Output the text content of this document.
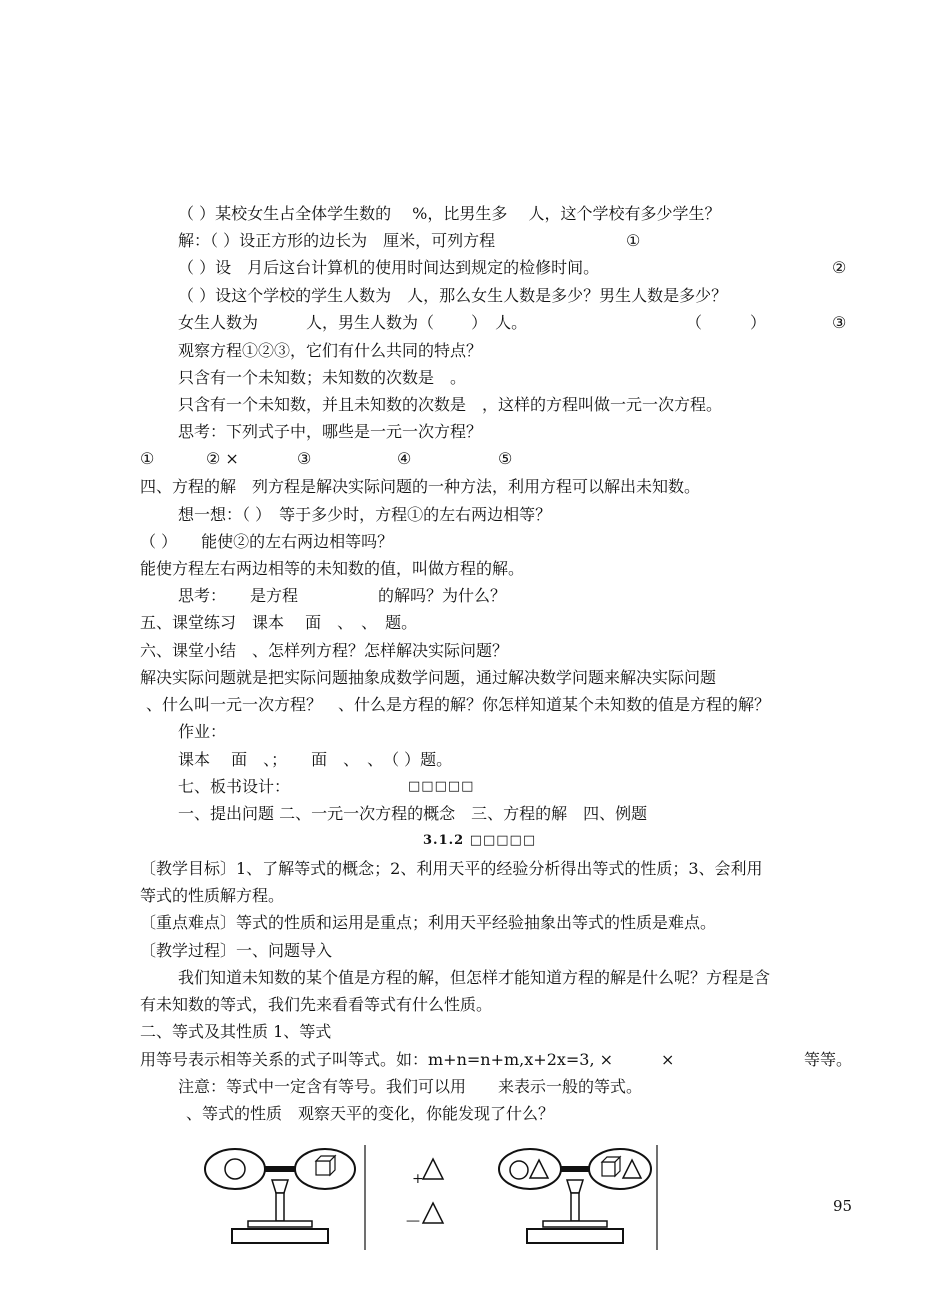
（ ）某校女生占全体学生数的　 %，比男生多　 人，这个学校有多少学生？
解：（ ）设正方形的边长为　厘米，可列方程	①
（ ）设　月后这台计算机的使用时间达到规定的检修时间。	②
（ ）设这个学校的学生人数为　人，那么女生人数是多少？男生人数是多少？
女生人数为　　　人，男生人数为（　　 ）　人。	（　　　）	③
观察方程①②③，它们有什么共同的特点？
只含有一个未知数；未知数的次数是　。
只含有一个未知数，并且未知数的次数是　，这样的方程叫做一元一次方程。
思考：下列式子中，哪些是一元一次方程？
①	② ×	③	④	⑤
四、方程的解　列方程是解决实际问题的一种方法，利用方程可以解出未知数。
想一想：（ ）　等于多少时，方程①的左右两边相等？
（ ）　　能使②的左右两边相等吗？
能使方程左右两边相等的未知数的值，叫做方程的解。
思考：　　是方程　　　　　的解吗？为什么？
五、课堂练习　课本　 面　、　、　题。
六、课堂小结　、怎样列方程？怎样解决实际问题？
解决实际问题就是把实际问题抽象成数学问题，通过解决数学问题来解决实际问题
、什么叫一元一次方程？　、什么是方程的解？你怎样知道某个未知数的值是方程的解？
作业：
课本　 面　、；　　面　、　、　（ ）题。
七、板书设计：	□□□□□
一、提出问题 二、一元一次方程的概念　三、方程的解　四、例题
3.1.2 □□□□□
〔教学目标〕1、了解等式的概念；2、利用天平的经验分析得出等式的性质；3、会利用
等式的性质解方程。
〔重点难点〕等式的性质和运用是重点；利用天平经验抽象出等式的性质是难点。
〔教学过程〕一、问题导入
我们知道未知数的某个值是方程的解，但怎样才能知道方程的解是什么呢？方程是含
有未知数的等式，我们先来看看等式有什么性质。
二、等式及其性质 1、等式
用等号表示相等关系的式子叫等式。如：m+n=n+m,x+2x=3, ×　　　×	等等。
注意：等式中一定含有等号。我们可以用　　来表示一般的等式。
、等式的性质　观察天平的变化，你能发现了什么？
+
—
95
